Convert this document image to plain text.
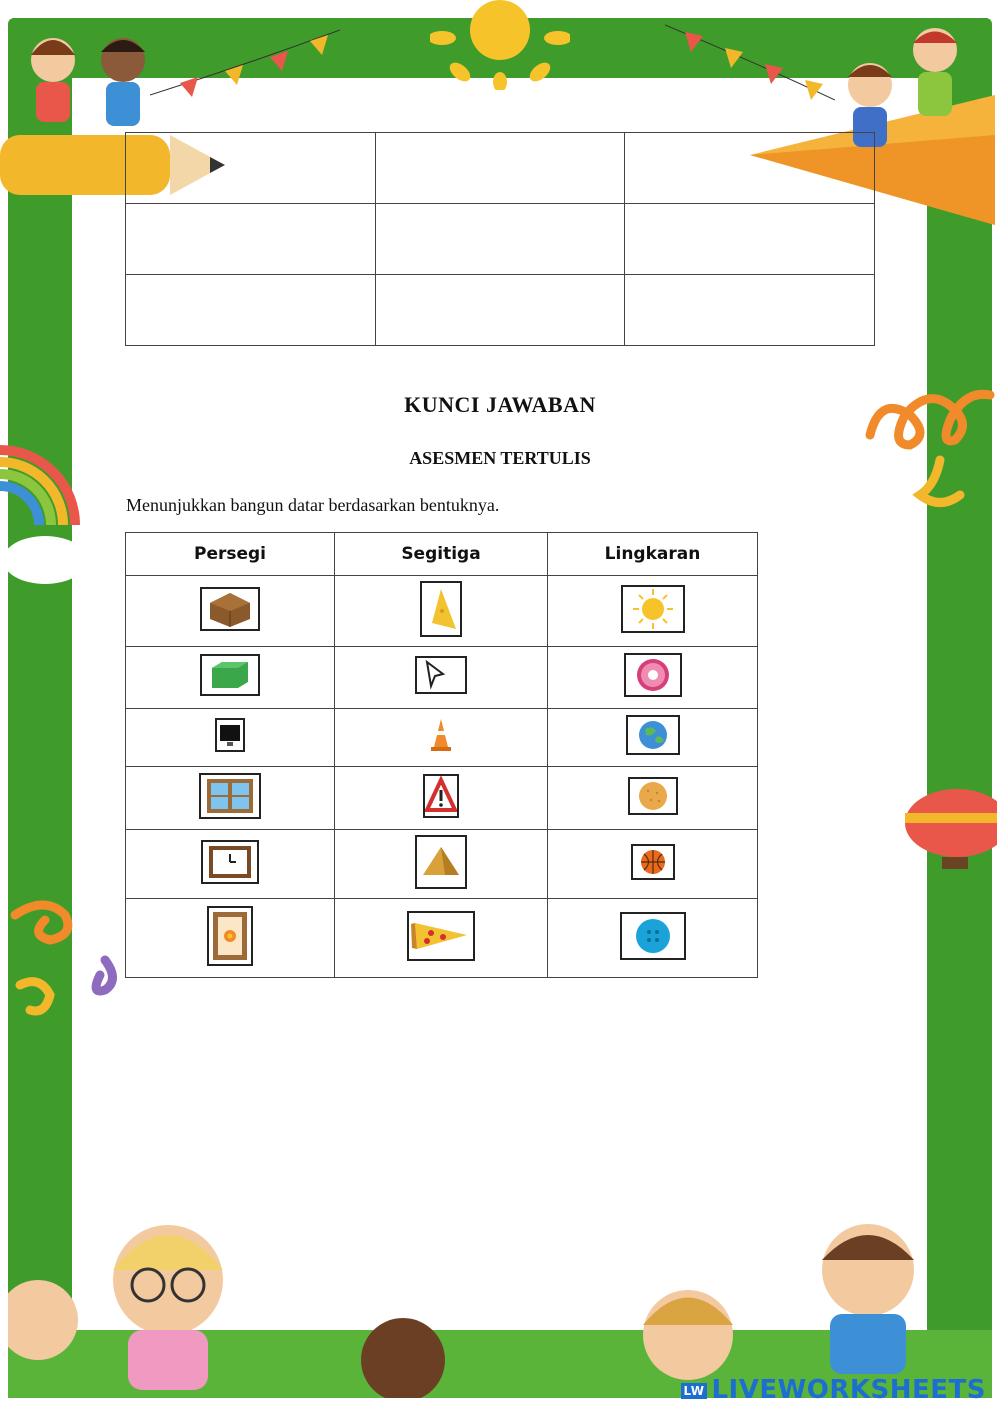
KUNCI JAWABAN
ASESMEN TERTULIS
Menunjukkan bangun datar berdasarkan bentuknya.
Persegi	Segitiga	Lingkaran

LW LIVEWORKSHEETS
